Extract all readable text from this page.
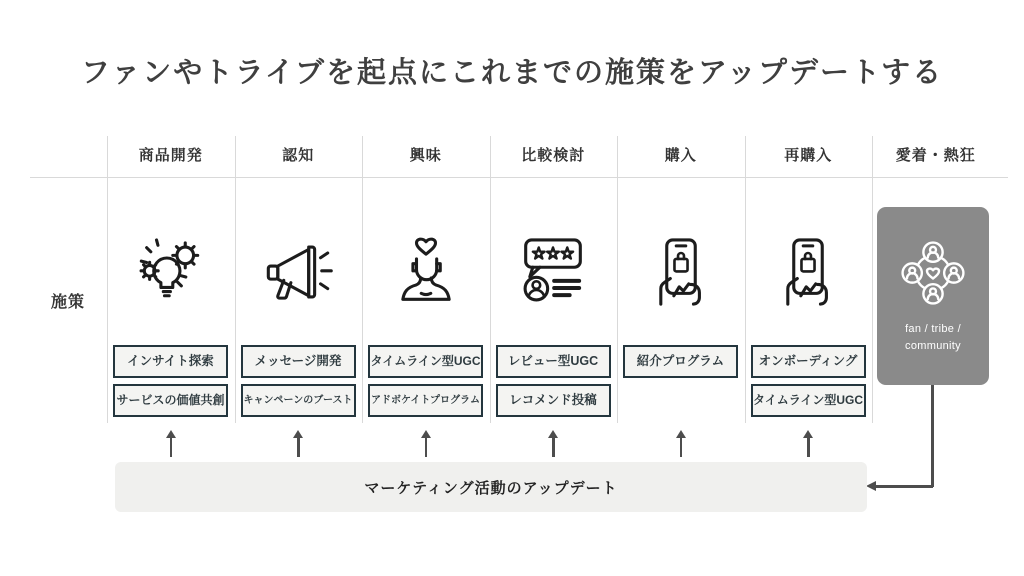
ファンやトライブを起点にこれまでの施策をアップデートする
施策
商品開発
インサイト探索
サービスの価値共創
認知
メッセージ開発
キャンペーンのブースト
興味
タイムライン型UGC
アドボケイトプログラム
比較検討
レビュー型UGC
レコメンド投稿
購入
紹介プログラム
再購入
オンボーディング
タイムライン型UGC
愛着・熱狂
fan / tribe / community
マーケティング活動のアップデート
